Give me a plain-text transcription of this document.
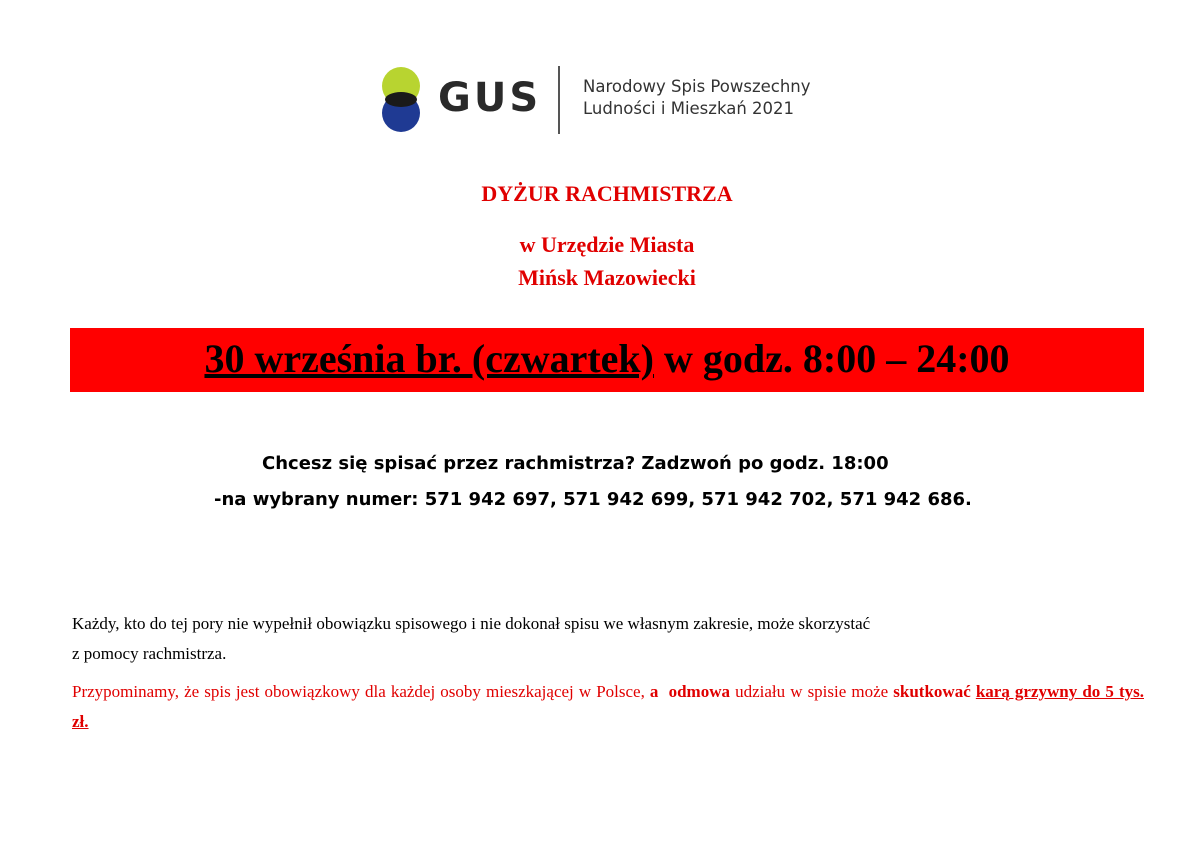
GUS	Narodowy Spis Powszechny
Ludności i Mieszkań 2021
DYŻUR RACHMISTRZA
w Urzędzie Miasta
Mińsk Mazowiecki
30 września br. (czwartek) w godz. 8:00 – 24:00
Chcesz się spisać przez rachmistrza? Zadzwoń po godz. 18:00
-na wybrany numer: 571 942 697, 571 942 699, 571 942 702, 571 942 686.
Każdy, kto do tej pory nie wypełnił obowiązku spisowego i nie dokonał spisu we własnym zakresie, może skorzystać
z pomocy rachmistrza.
Przypominamy, że spis jest obowiązkowy dla każdej osoby mieszkającej w Polsce, a odmowa udziału w spisie może skutkować karą grzywny do 5 tys. zł.
